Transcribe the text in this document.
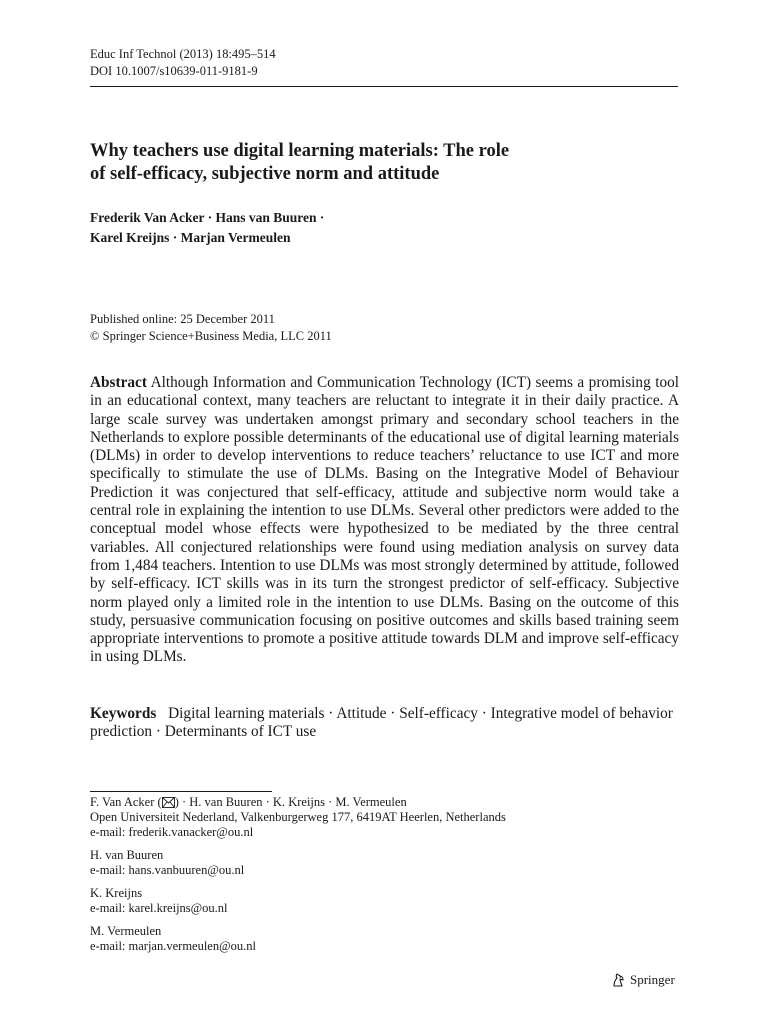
Educ Inf Technol (2013) 18:495–514
DOI 10.1007/s10639-011-9181-9
Why teachers use digital learning materials: The role
of self-efficacy, subjective norm and attitude
Frederik Van Acker · Hans van Buuren ·
Karel Kreijns · Marjan Vermeulen
Published online: 25 December 2011
© Springer Science+Business Media, LLC 2011

Abstract Although Information and Communication Technology (ICT) seems a promising tool in an educational context, many teachers are reluctant to integrate it in their daily practice. A large scale survey was undertaken amongst primary and secondary school teachers in the Netherlands to explore possible determinants of the educational use of digital learning materials (DLMs) in order to develop interventions to reduce teachers’ reluctance to use ICT and more specifically to stimulate the use of DLMs. Basing on the Integrative Model of Behaviour Prediction it was conjectured that self-efficacy, attitude and subjective norm would take a central role in explaining the intention to use DLMs. Several other predictors were added to the conceptual model whose effects were hypothesized to be mediated by the three central variables. All conjectured relationships were found using mediation analysis on survey data from 1,484 teachers. Intention to use DLMs was most strongly determined by attitude, followed by self-efficacy. ICT skills was in its turn the strongest predictor of self-efficacy. Subjective norm played only a limited role in the intention to use DLMs. Basing on the outcome of this study, persuasive communication focusing on positive outcomes and skills based training seem appropriate interventions to promote a positive attitude towards DLM and improve self-efficacy in using DLMs.

Keywords Digital learning materials · Attitude · Self-efficacy · Integrative model of behavior prediction · Determinants of ICT use

F. Van Acker ( ) · H. van Buuren · K. Kreijns · M. Vermeulen
Open Universiteit Nederland, Valkenburgerweg 177, 6419AT Heerlen, Netherlands
e-mail: frederik.vanacker@ou.nl
H. van Buuren
e-mail: hans.vanbuuren@ou.nl
K. Kreijns
e-mail: karel.kreijns@ou.nl
M. Vermeulen
e-mail: marjan.vermeulen@ou.nl
Springer
